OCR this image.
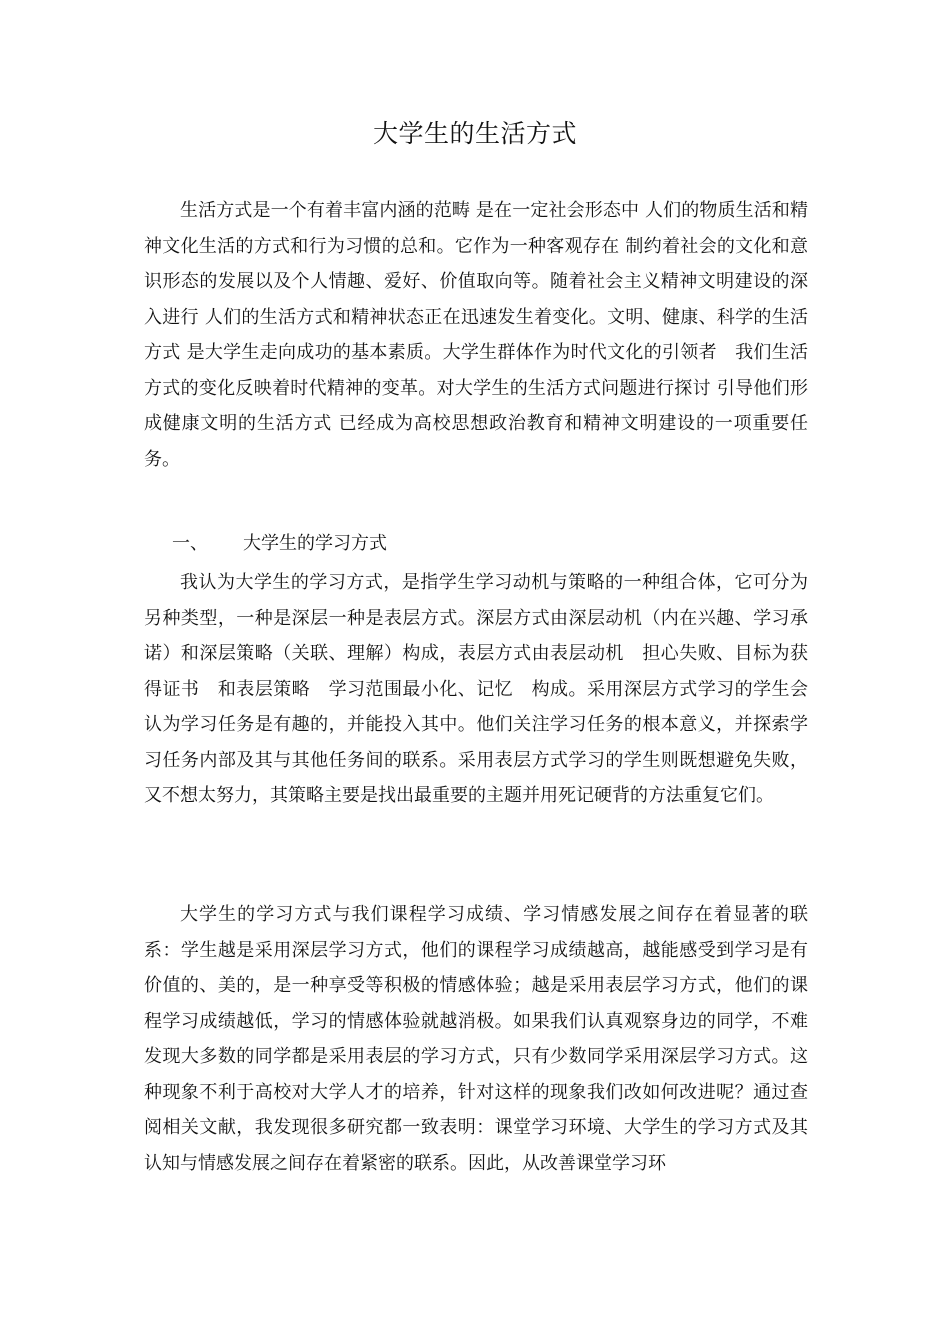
大学生的生活方式

生活方式是一个有着丰富内涵的范畴 是在一定社会形态中 人们的物质生活和精神文化生活的方式和行为习惯的总和。它作为一种客观存在 制约着社会的文化和意识形态的发展以及个人情趣、爱好、价值取向等。随着社会主义精神文明建设的深入进行 人们的生活方式和精神状态正在迅速发生着变化。文明、健康、科学的生活方式 是大学生走向成功的基本素质。大学生群体作为时代文化的引领者　我们生活方式的变化反映着时代精神的变革。对大学生的生活方式问题进行探讨 引导他们形成健康文明的生活方式 已经成为高校思想政治教育和精神文明建设的一项重要任务。

一、 大学生的学习方式

我认为大学生的学习方式，是指学生学习动机与策略的一种组合体，它可分为另种类型，一种是深层一种是表层方式。深层方式由深层动机（内在兴趣、学习承诺）和深层策略（关联、理解）构成，表层方式由表层动机　担心失败、目标为获得证书　和表层策略　学习范围最小化、记忆　构成。采用深层方式学习的学生会认为学习任务是有趣的，并能投入其中。他们关注学习任务的根本意义，并探索学习任务内部及其与其他任务间的联系。采用表层方式学习的学生则既想避免失败，又不想太努力，其策略主要是找出最重要的主题并用死记硬背的方法重复它们。

大学生的学习方式与我们课程学习成绩、学习情感发展之间存在着显著的联系：学生越是采用深层学习方式，他们的课程学习成绩越高，越能感受到学习是有价值的、美的，是一种享受等积极的情感体验；越是采用表层学习方式，他们的课程学习成绩越低，学习的情感体验就越消极。如果我们认真观察身边的同学，不难发现大多数的同学都是采用表层的学习方式，只有少数同学采用深层学习方式。这种现象不利于高校对大学人才的培养，针对这样的现象我们改如何改进呢？通过查阅相关文献，我发现很多研究都一致表明：课堂学习环境、大学生的学习方式及其认知与情感发展之间存在着紧密的联系。因此，从改善课堂学习环
